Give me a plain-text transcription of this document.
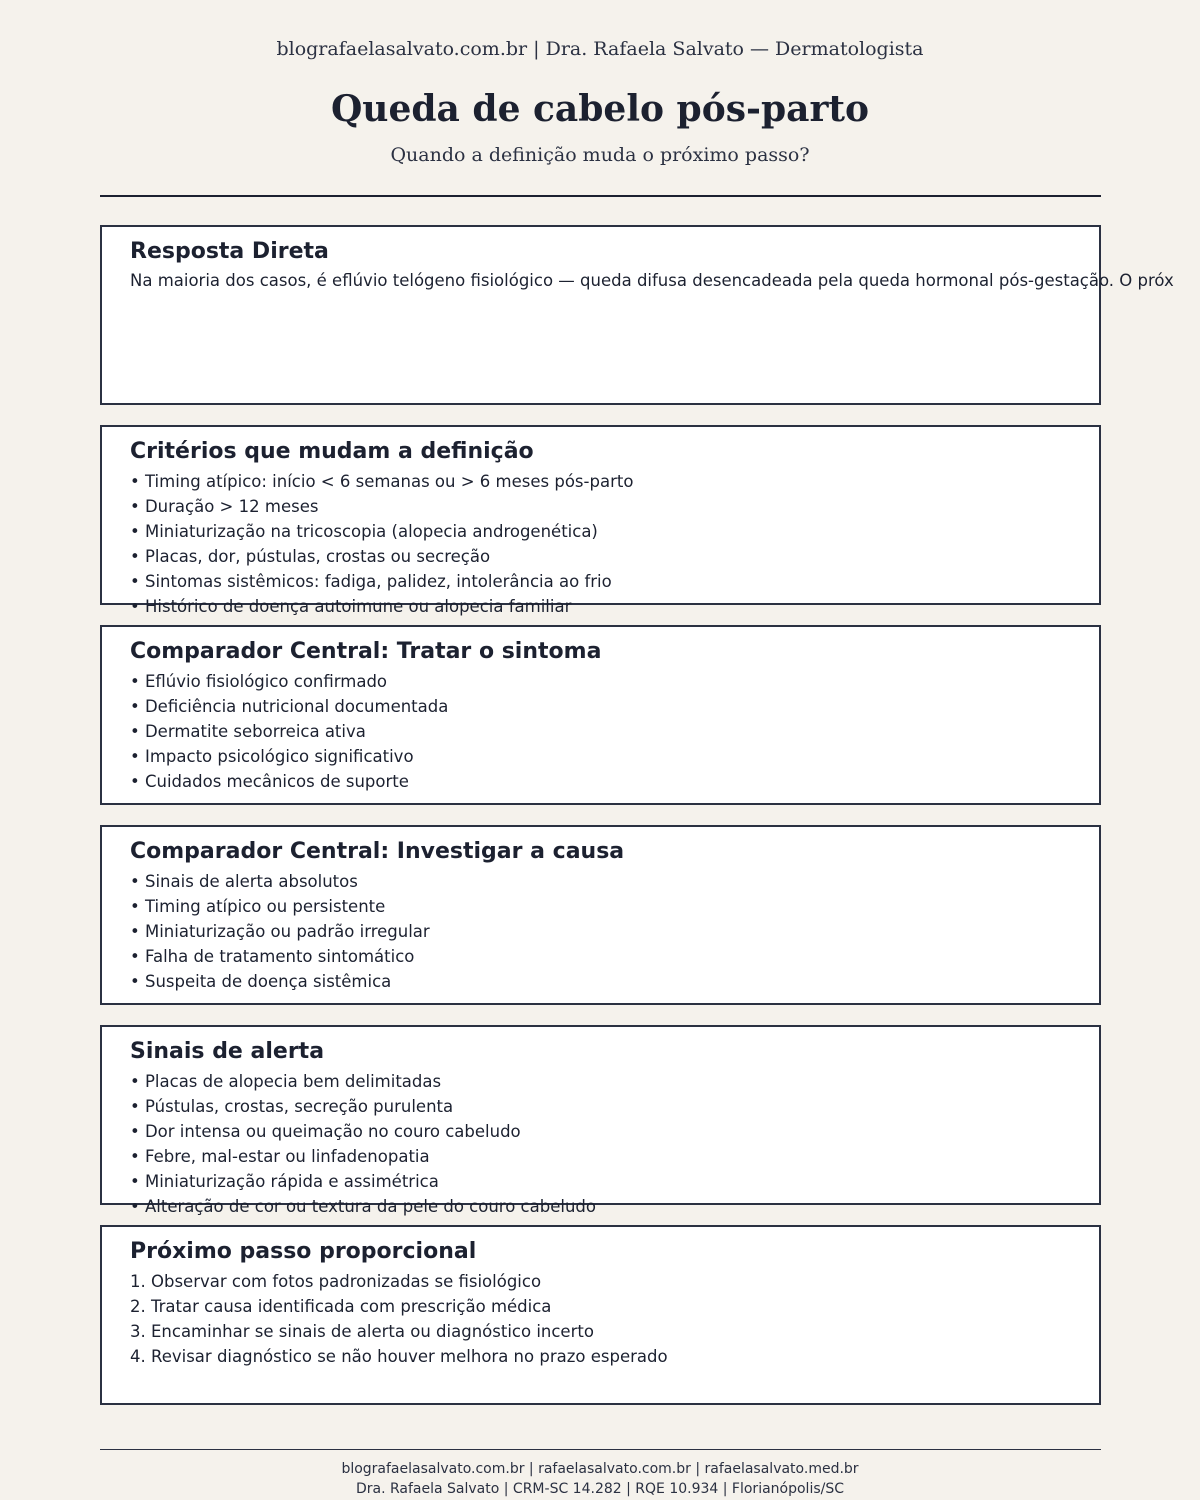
blografaelasalvato.com.br | Dra. Rafaela Salvato — Dermatologista
Queda de cabelo pós-parto
Quando a definição muda o próximo passo?
Resposta Direta

Na maioria dos casos, é eflúvio telógeno fisiológico — queda difusa desencadeada pela queda hormonal pós-gestação. O próx

Critérios que mudam a definição
• Timing atípico: início < 6 semanas ou > 6 meses pós-parto
• Duração > 12 meses
• Miniaturização na tricoscopia (alopecia androgenética)
• Placas, dor, pústulas, crostas ou secreção
• Sintomas sistêmicos: fadiga, palidez, intolerância ao frio
• Histórico de doença autoimune ou alopecia familiar
Comparador Central: Tratar o sintoma
• Eflúvio fisiológico confirmado
• Deficiência nutricional documentada
• Dermatite seborreica ativa
• Impacto psicológico significativo
• Cuidados mecânicos de suporte
Comparador Central: Investigar a causa
• Sinais de alerta absolutos
• Timing atípico ou persistente
• Miniaturização ou padrão irregular
• Falha de tratamento sintomático
• Suspeita de doença sistêmica
Sinais de alerta
• Placas de alopecia bem delimitadas
• Pústulas, crostas, secreção purulenta
• Dor intensa ou queimação no couro cabeludo
• Febre, mal-estar ou linfadenopatia
• Miniaturização rápida e assimétrica
• Alteração de cor ou textura da pele do couro cabeludo
Próximo passo proporcional
1. Observar com fotos padronizadas se fisiológico
2. Tratar causa identificada com prescrição médica
3. Encaminhar se sinais de alerta ou diagnóstico incerto
4. Revisar diagnóstico se não houver melhora no prazo esperado
blografaelasalvato.com.br | rafaelasalvato.com.br | rafaelasalvato.med.br
Dra. Rafaela Salvato | CRM-SC 14.282 | RQE 10.934 | Florianópolis/SC
